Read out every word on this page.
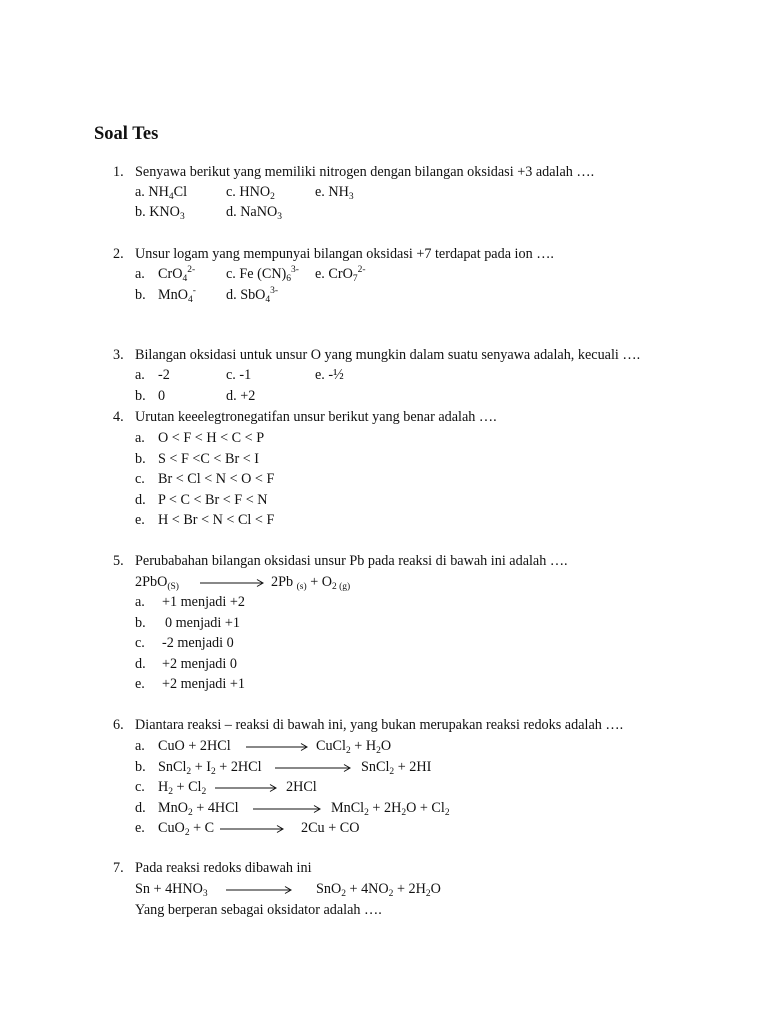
Soal Tes
1. Senyawa berikut yang memiliki nitrogen dengan bilangan oksidasi +3 adalah ….
a. $NH_4Cl$	c. $HNO_2$	e. $NH_3$
b. $KNO_3$	d. NaNO$_3$
2. Unsur logam yang mempunyai bilangan oksidasi +7 terdapat pada ion ….
a. CrO$_4^{2-}$ c. Fe $(CN)_6^{3-}$ e. CrO$_7^{2-}$
b. MnO$_4$- d. SbO$_4^{3-}$
3. Bilangan oksidasi untuk unsur O yang mungkin dalam suatu senyawa adalah, kecuali ….
a. -2	c. -1	e. -½
b. 0	d. +2
4. Urutan keeelegtronegatifan unsur berikut yang benar adalah ….
a. O < F < H < C < P
b. S < F <C < Br < I
c. Br < Cl < N < O < F
d. P < C < Br < F < N
e. H < Br < N < Cl < F
5. Perubabahan bilangan oksidasi unsur Pb pada reaksi di bawah ini adalah ….
2PbO$_{(S)}$	2Pb $_{(s)} + O_{2 (g)}$
a. +1 menjadi +2
b. 0 menjadi +1
c. -2 menjadi 0
d. +2 menjadi 0
e. +2 menjadi +1
6. Diantara reaksi – reaksi di bawah ini, yang bukan merupakan reaksi redoks adalah ….
a. CuO + 2HCl	CuCl$_2$ + $H_2O$
b. SnCl$_2$ + $I_2 + 2HCl$	SnCl$_2$ + 2HI
c. $H_2 + Cl_2$	2HCl
d. MnO$_2$ + 4HCl	MnCl$_2$ + $2H_2O + Cl_2$
e. CuO$_2$ + C	2Cu + CO
7. Pada reaksi redoks dibawah ini
$Sn + 4HNO_3$	$SnO_2 + 4NO_2 + 2H_2O$
Yang berperan sebagai oksidator adalah ….
